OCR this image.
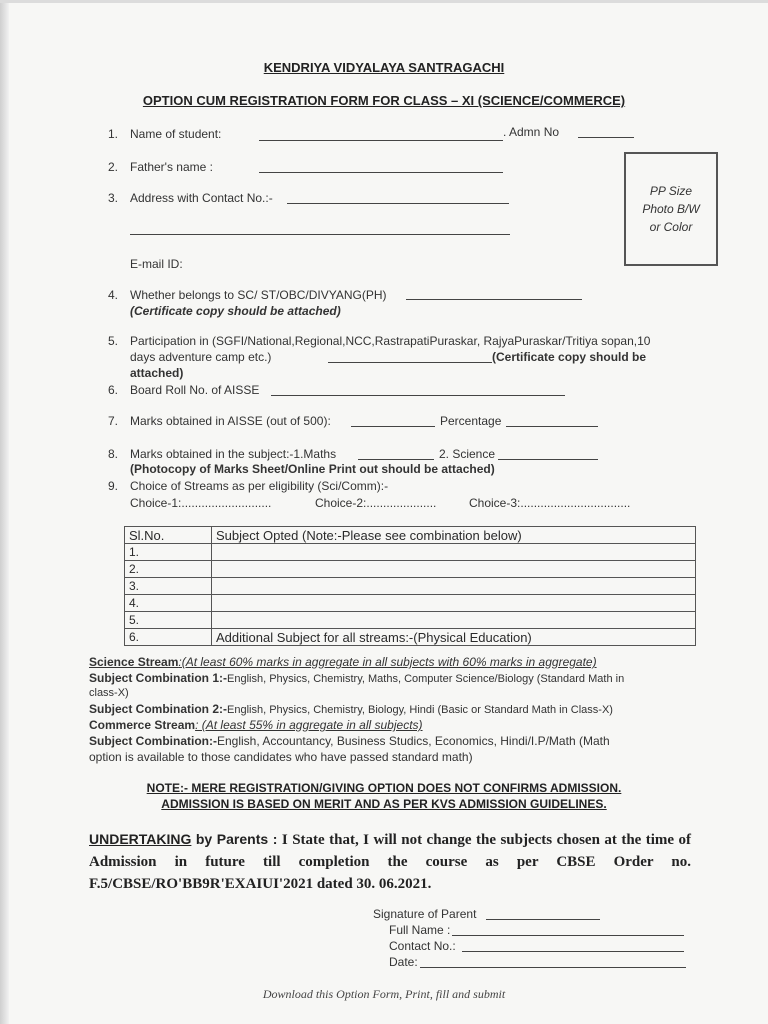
KENDRIYA VIDYALAYA SANTRAGACHI
OPTION CUM REGISTRATION FORM FOR CLASS – XI (SCIENCE/COMMERCE)
1. Name of student:	. Admn No
2. Father's name :
3. Address with Contact No.:-
E-mail ID:
PP Size
Photo B/W
or Color
4. Whether belongs to SC/ ST/OBC/DIVYANG(PH)
(Certificate copy should be attached)
5. Participation in (SGFI/National,Regional,NCC,RastrapatiPuraskar, RajyaPuraskar/Tritiya sopan,10
days adventure camp etc.)	(Certificate copy should be
attached)
6. Board Roll No. of AISSE
7. Marks obtained in AISSE (out of 500):	Percentage
8. Marks obtained in the subject:-1.Maths	2. Science
(Photocopy of Marks Sheet/Online Print out should be attached)
9. Choice of Streams as per eligibility (Sci/Comm):-
Choice-1:...........................	Choice-2:.....................	Choice-3:.................................
Sl.No.	Subject Opted (Note:-Please see combination below)
1.	
2.	
3.	
4.	
5.	
6.	Additional Subject for all streams:-(Physical Education)
Science Stream:(At least 60% marks in aggregate in all subjects with 60% marks in aggregate)
Subject Combination 1:-English, Physics, Chemistry, Maths, Computer Science/Biology (Standard Math in
class-X)
Subject Combination 2:-English, Physics, Chemistry, Biology, Hindi (Basic or Standard Math in Class-X)
Commerce Stream: (At least 55% in aggregate in all subjects)
Subject Combination:-English, Accountancy, Business Studics, Economics, Hindi/I.P/Math (Math
option is available to those candidates who have passed standard math)
NOTE:- MERE REGISTRATION/GIVING OPTION DOES NOT CONFIRMS ADMISSION.
ADMISSION IS BASED ON MERIT AND AS PER KVS ADMISSION GUIDELINES.
UNDERTAKING by Parents : I State that, I will not change the subjects chosen at the time of Admission in future till completion the course as per CBSE Order no. F.5/CBSE/RO'BB9R'EXAIUI'2021 dated 30. 06.2021.
Signature of Parent
Full Name :
Contact No.:
Date:
Download this Option Form, Print, fill and submit
